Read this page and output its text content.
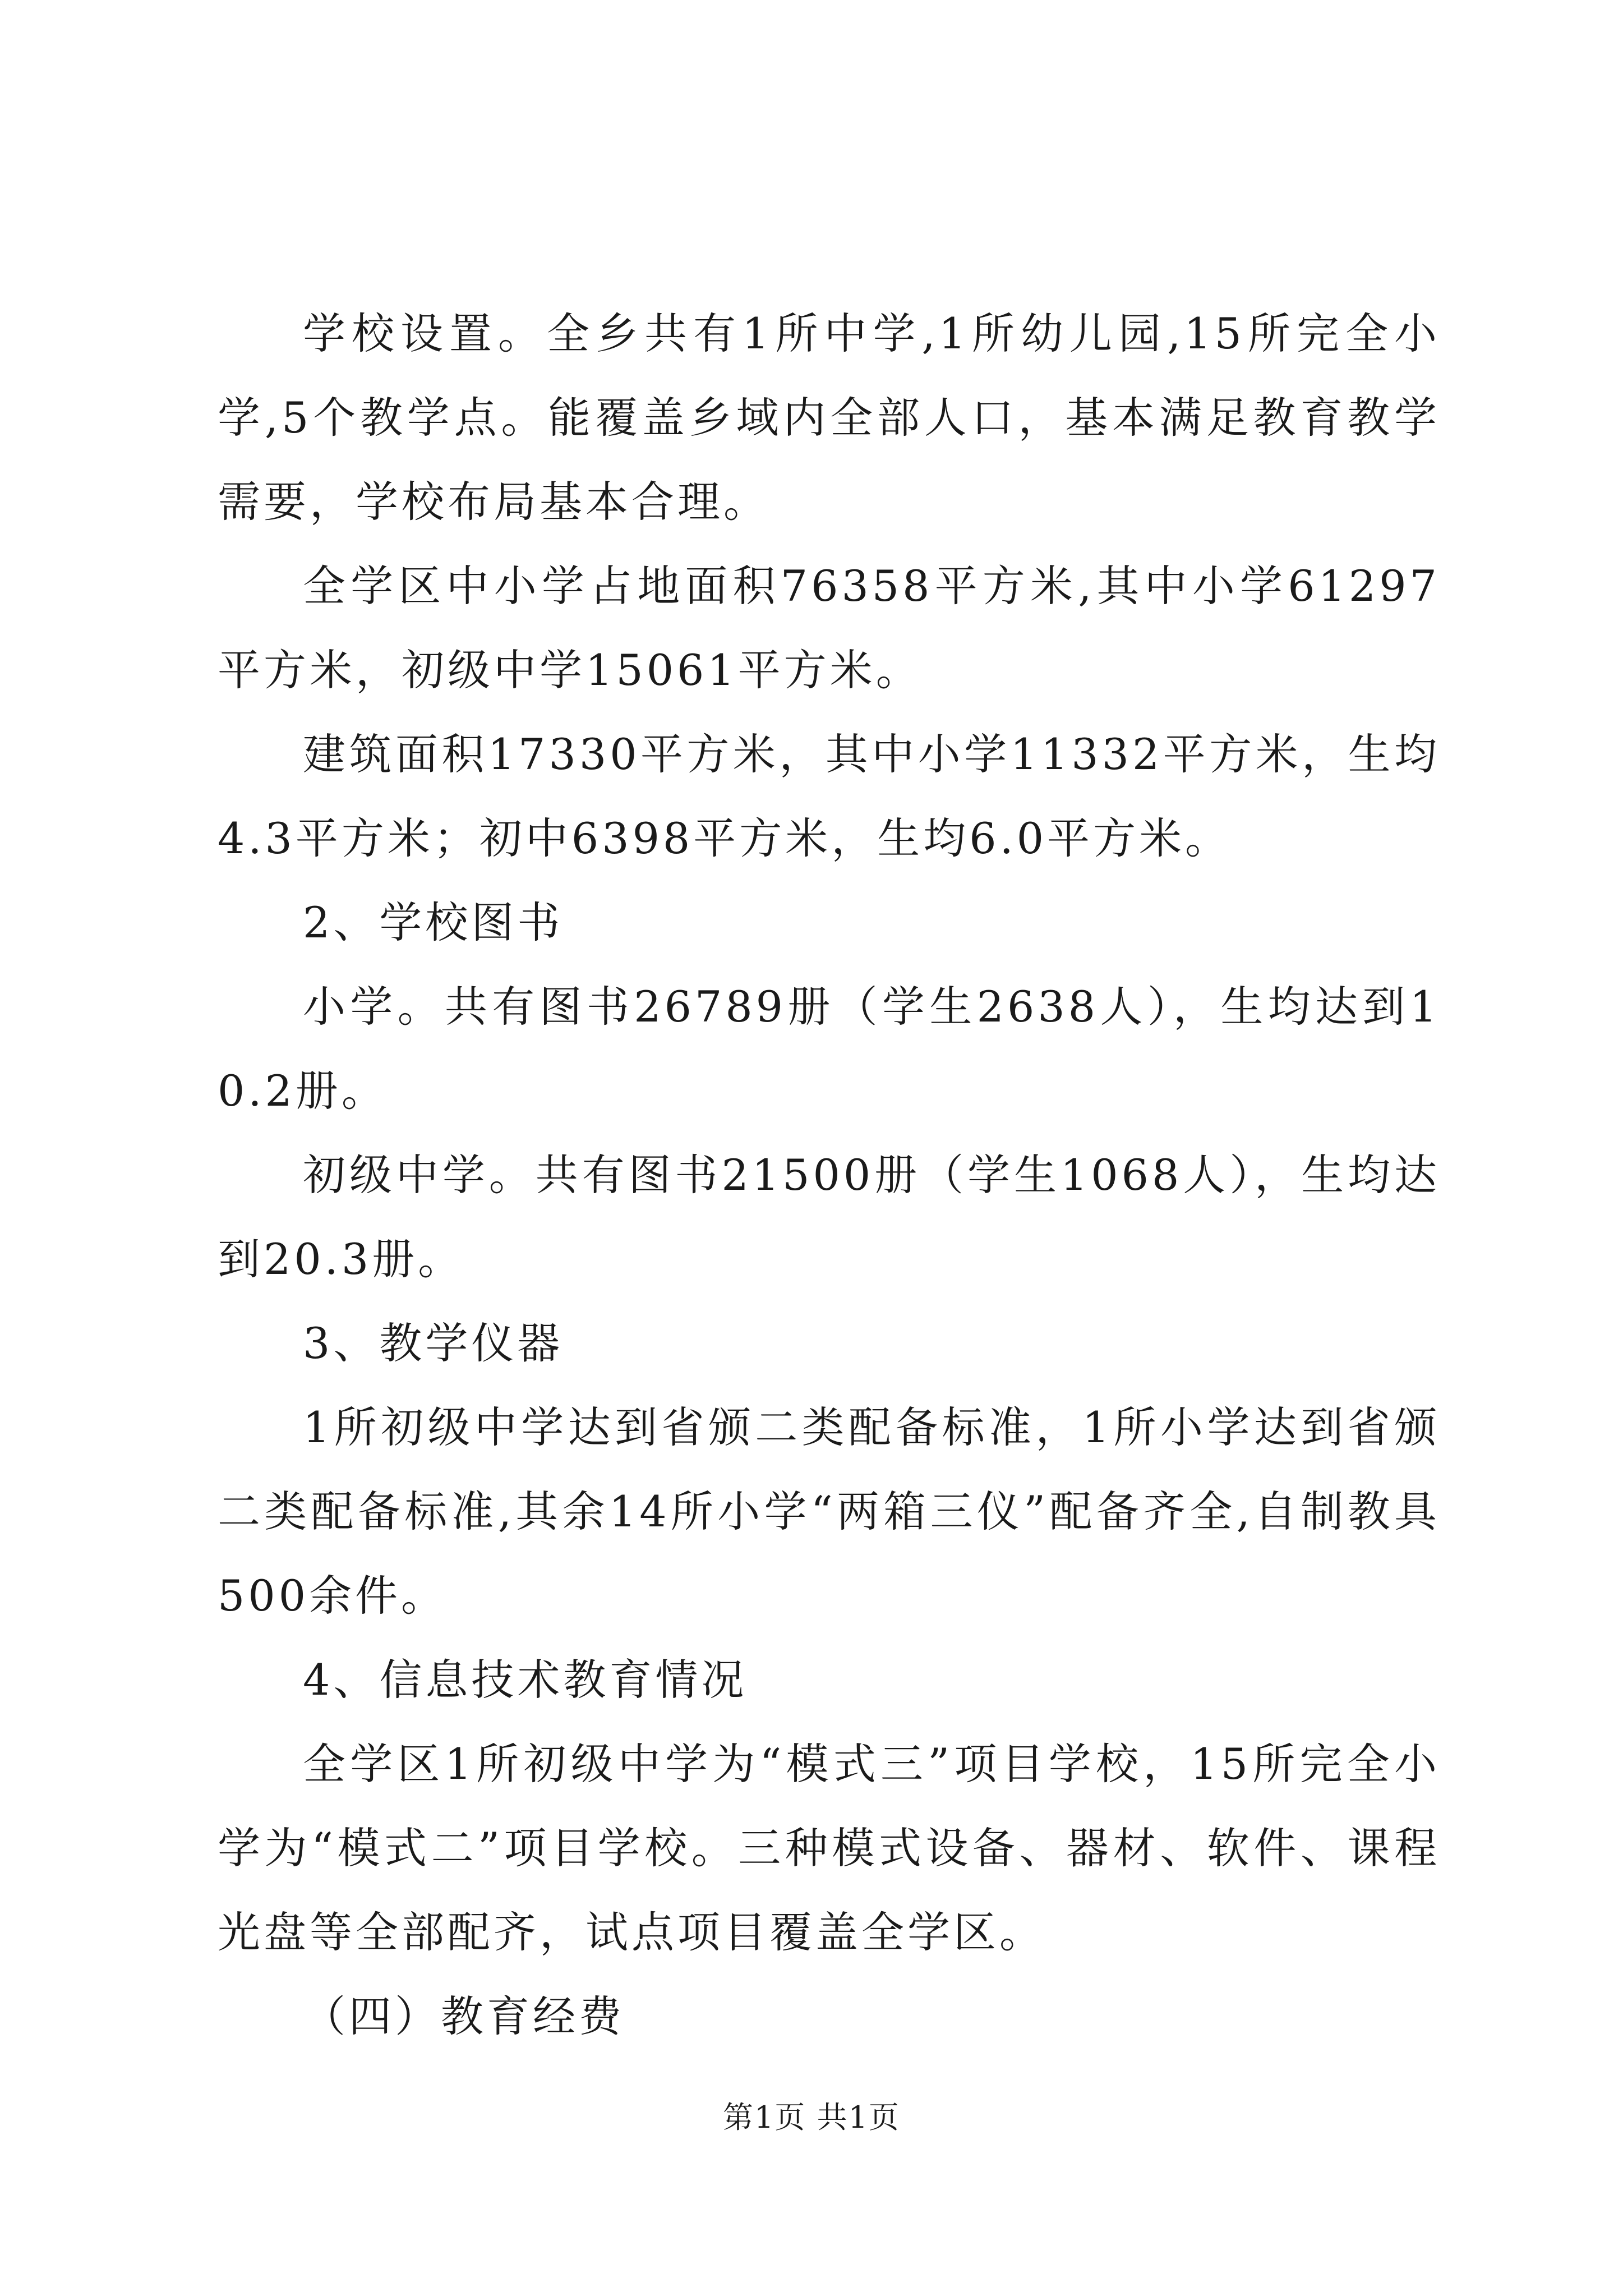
学校设置。全乡共有1所中学,1所幼儿园,15所完全小学,5个教学点。能覆盖乡域内全部人口，基本满足教育教学需要，学校布局基本合理。

全学区中小学占地面积76358平方米,其中小学61297平方米，初级中学15061平方米。

建筑面积17330平方米，其中小学11332平方米，生均4.3平方米；初中6398平方米，生均6.0平方米。

2、学校图书

小学。共有图书26789册（学生2638人），生均达到10.2册。

初级中学。共有图书21500册（学生1068人），生均达到20.3册。

3、教学仪器

1所初级中学达到省颁二类配备标准，1所小学达到省颁二类配备标准,其余14所小学“两箱三仪”配备齐全,自制教具500余件。

4、信息技术教育情况

全学区1所初级中学为“模式三”项目学校，15所完全小学为“模式二”项目学校。三种模式设备、器材、软件、课程光盘等全部配齐，试点项目覆盖全学区。

（四）教育经费

第1页 共1页
